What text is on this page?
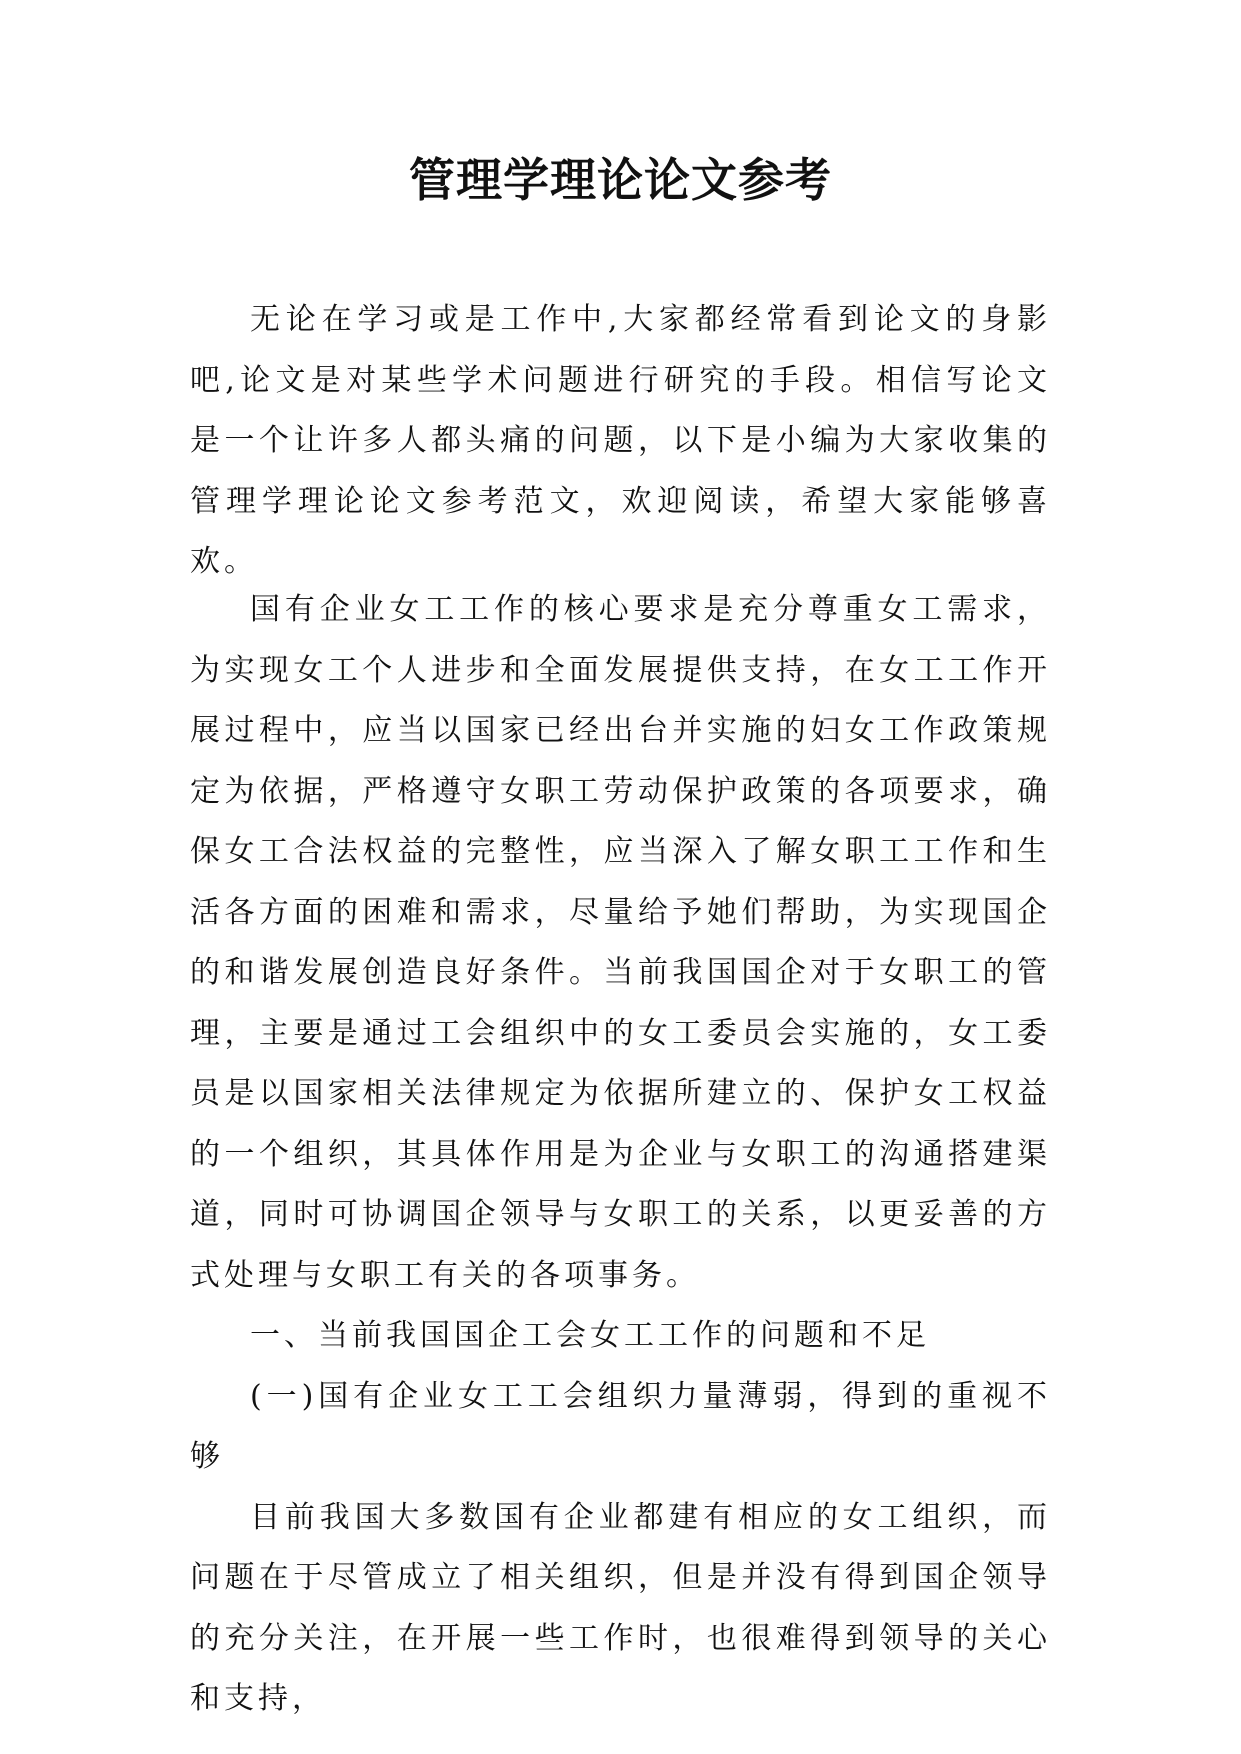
管理学理论论文参考

无论在学习或是工作中,大家都经常看到论文的身影吧,论文是对某些学术问题进行研究的手段。相信写论文是一个让许多人都头痛的问题，以下是小编为大家收集的管理学理论论文参考范文，欢迎阅读，希望大家能够喜欢。

国有企业女工工作的核心要求是充分尊重女工需求，为实现女工个人进步和全面发展提供支持，在女工工作开展过程中，应当以国家已经出台并实施的妇女工作政策规定为依据，严格遵守女职工劳动保护政策的各项要求，确保女工合法权益的完整性，应当深入了解女职工工作和生活各方面的困难和需求，尽量给予她们帮助，为实现国企的和谐发展创造良好条件。当前我国国企对于女职工的管理，主要是通过工会组织中的女工委员会实施的，女工委员是以国家相关法律规定为依据所建立的、保护女工权益的一个组织，其具体作用是为企业与女职工的沟通搭建渠道，同时可协调国企领导与女职工的关系，以更妥善的方式处理与女职工有关的各项事务。

一、当前我国国企工会女工工作的问题和不足

(一)国有企业女工工会组织力量薄弱，得到的重视不够

目前我国大多数国有企业都建有相应的女工组织，而问题在于尽管成立了相关组织，但是并没有得到国企领导的充分关注，在开展一些工作时，也很难得到领导的关心和支持，
